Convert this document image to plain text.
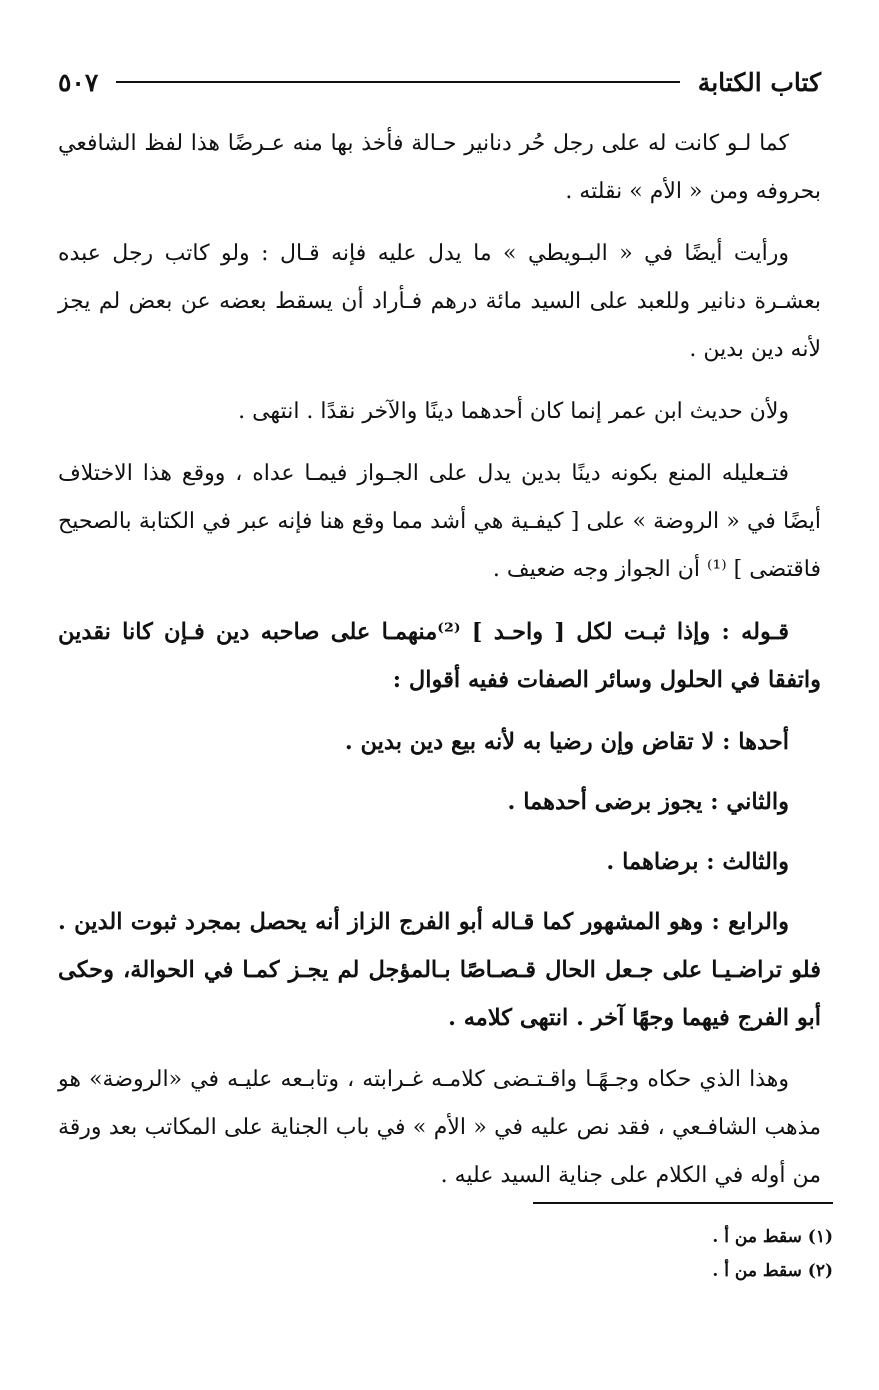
كتاب الكتابة
٥٠٧

كما لـو كانت له على رجل حُر دنانير حـالة فأخذ بها منه عـرضًا هذا لفظ الشافعي بحروفه ومن « الأم » نقلته .

ورأيت أيضًا في « البـويطي » ما يدل عليه فإنه قـال : ولو كاتب رجل عبده بعشـرة دنانير وللعبد على السيد مائة درهم فـأراد أن يسقط بعضه عن بعض لم يجز لأنه دين بدين .

ولأن حديث ابن عمر إنما كان أحدهما دينًا والآخر نقدًا . انتهى .

فتـعليله المنع بكونه دينًا بدين يدل على الجـواز فيمـا عداه ، ووقع هذا الاختلاف أيضًا في « الروضة » على [ كيفـية هي أشد مما وقع هنا فإنه عبر في الكتابة بالصحيح فاقتضى ] ⁽¹⁾ أن الجواز وجه ضعيف .

قـوله : وإذا ثبـت لكل [ واحـد ] ⁽²⁾منهمـا على صاحبه دين فـإن كانا نقدين واتفقا في الحلول وسائر الصفات ففيه أقوال :

أحدها : لا تقاض وإن رضيا به لأنه بيع دين بدين .

والثاني : يجوز برضى أحدهما .

والثالث : برضاهما .

والرابع : وهو المشهور كما قـاله أبو الفرج الزاز أنه يحصل بمجرد ثبوت الدين . فلو تراضـيـا على جـعل الحال قـصـاصًا بـالمؤجل لم يجـز كمـا في الحوالة، وحكى أبو الفرج فيهما وجهًا آخر . انتهى كلامه .

وهذا الذي حكاه وجـهًـا واقـتـضى كلامـه غـرابته ، وتابـعه عليـه في «الروضة» هو مذهب الشافـعي ، فقد نص عليه في « الأم » في باب الجناية على المكاتب بعد ورقة من أوله في الكلام على جناية السيد عليه .

(١) سقط من أ .
(٢) سقط من أ .
